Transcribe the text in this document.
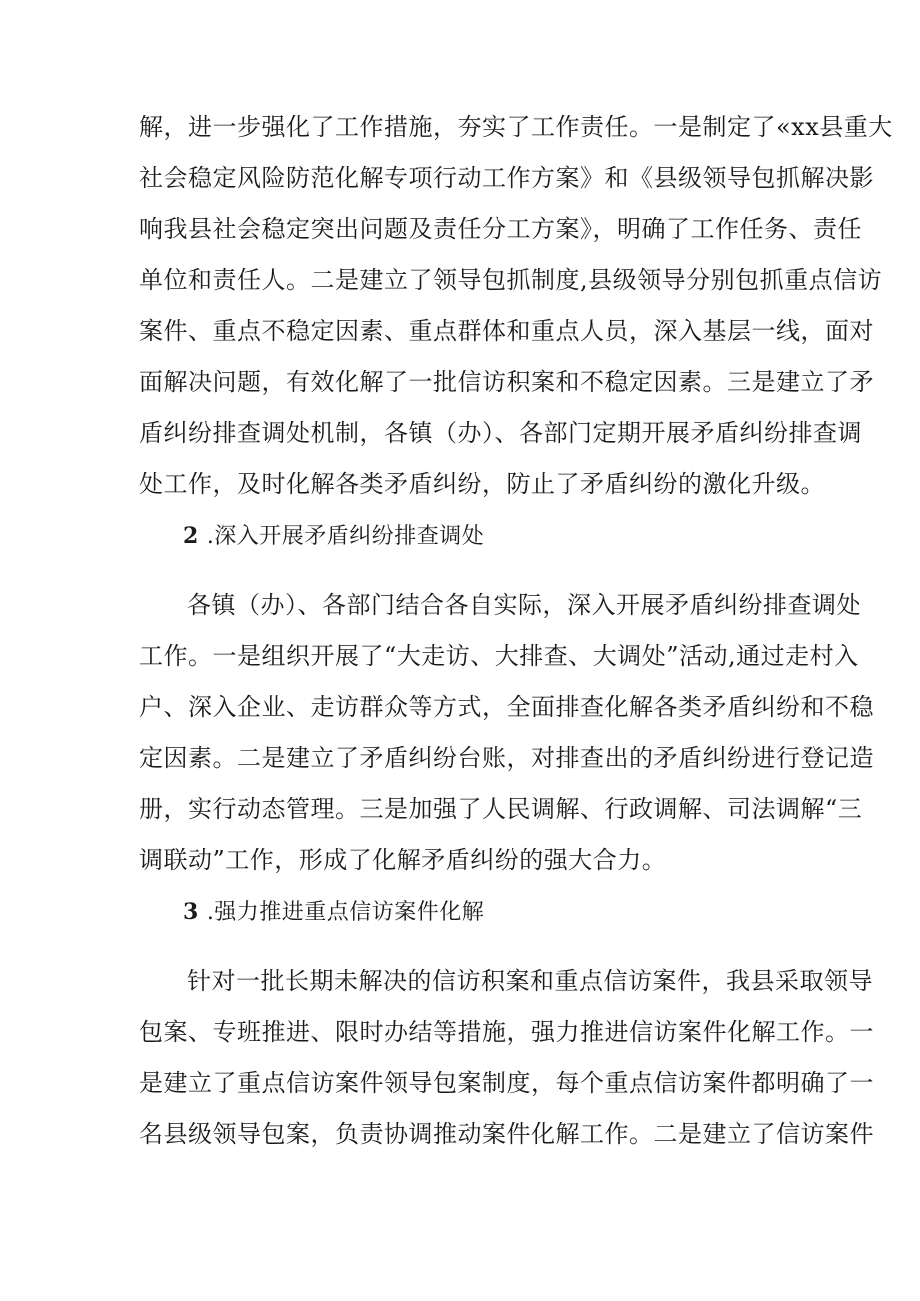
解，进一步强化了工作措施，夯实了工作责任。一是制定了«xx县重大
社会稳定风险防范化解专项行动工作方案》和《县级领导包抓解决影
响我县社会稳定突出问题及责任分工方案》，明确了工作任务、责任
单位和责任人。二是建立了领导包抓制度,县级领导分别包抓重点信访
案件、重点不稳定因素、重点群体和重点人员，深入基层一线，面对
面解决问题，有效化解了一批信访积案和不稳定因素。三是建立了矛
盾纠纷排查调处机制，各镇（办）、各部门定期开展矛盾纠纷排查调
处工作，及时化解各类矛盾纠纷，防止了矛盾纠纷的激化升级。
2 .深入开展矛盾纠纷排查调处
各镇（办）、各部门结合各自实际，深入开展矛盾纠纷排查调处
工作。一是组织开展了“大走访、大排查、大调处”活动,通过走村入
户、深入企业、走访群众等方式，全面排查化解各类矛盾纠纷和不稳
定因素。二是建立了矛盾纠纷台账，对排查出的矛盾纠纷进行登记造
册，实行动态管理。三是加强了人民调解、行政调解、司法调解“三
调联动”工作，形成了化解矛盾纠纷的强大合力。
3 .强力推进重点信访案件化解
针对一批长期未解决的信访积案和重点信访案件，我县采取领导
包案、专班推进、限时办结等措施，强力推进信访案件化解工作。一
是建立了重点信访案件领导包案制度，每个重点信访案件都明确了一
名县级领导包案，负责协调推动案件化解工作。二是建立了信访案件
